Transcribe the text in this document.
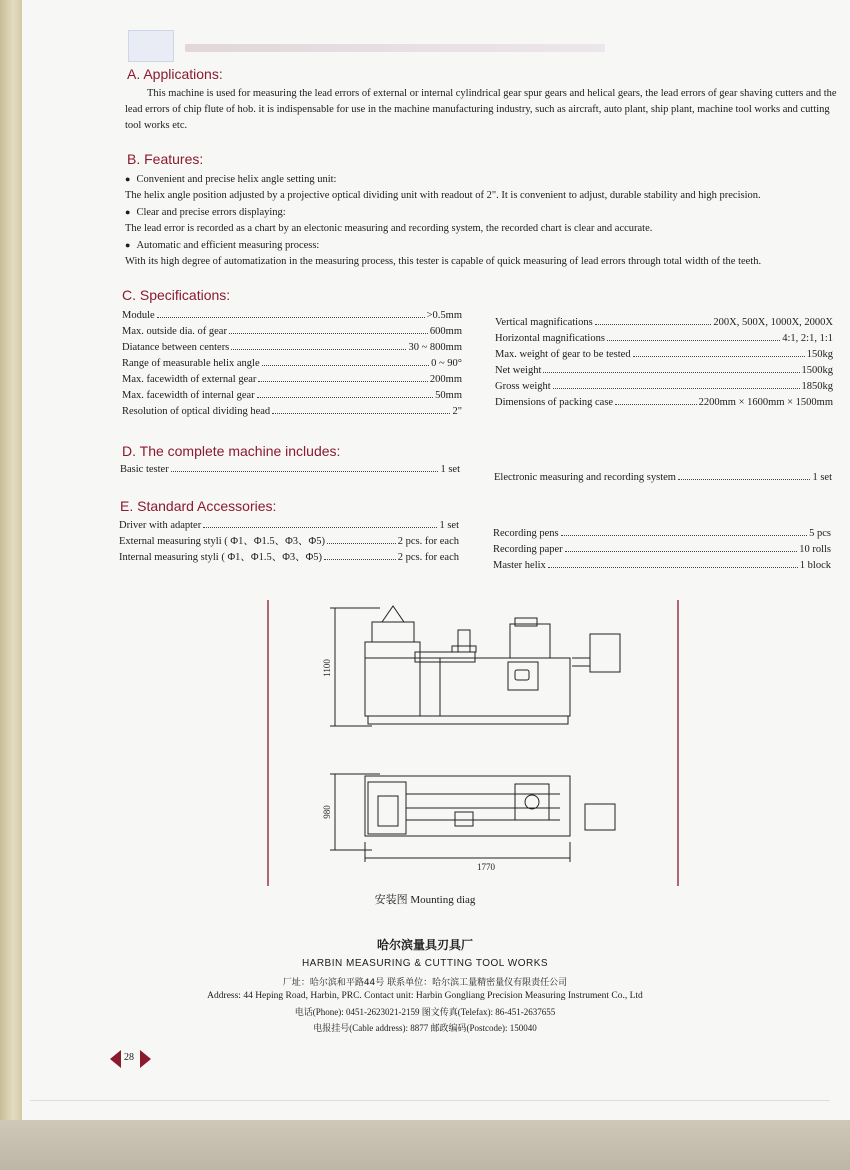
A. Applications:

This machine is used for measuring the lead errors of external or internal cylindrical gear spur gears and helical gears, the lead errors of gear shaving cutters and the lead errors of chip flute of hob. it is indispensable for use in the machine manufacturing industry, such as aircraft, auto plant, ship plant, machine tool works and cutting tool works etc.

B. Features:

● Convenient and precise helix angle setting unit:

The helix angle position adjusted by a projective optical dividing unit with readout of 2". It is convenient to adjust, durable stability and high precision.

● Clear and precise errors displaying:

The lead error is recorded as a chart by an electonic measuring and recording system, the recorded chart is clear and accurate.

● Automatic and efficient measuring process:

With its high degree of automatization in the measuring process, this tester is capable of quick measuring of lead errors through total width of the teeth.

C. Specifications:
Module	>0.5mm
Max. outside dia. of gear	600mm
Diatance between centers	30 ~ 800mm
Range of measurable helix angle	0 ~ 90°
Max. facewidth of external gear	200mm
Max. facewidth of internal gear	50mm
Resolution of optical dividing head	2"
Vertical magnifications	200X, 500X, 1000X, 2000X
Horizontal magnifications	4:1, 2:1, 1:1
Max. weight of gear to be tested	150kg
Net weight	1500kg
Gross weight	1850kg
Dimensions of packing case	2200mm × 1600mm × 1500mm
D. The complete machine includes:
Basic tester	1 set
Electronic measuring and recording system	1 set
E. Standard Accessories:
Driver with adapter	1 set
External measuring styli ( Φ1、Φ1.5、Φ3、Φ5)	2 pcs. for each
Internal measuring styli ( Φ1、Φ1.5、Φ3、Φ5)	2 pcs. for each
Recording pens	5 pcs
Recording paper	10 rolls
Master helix	1 block
1100
980
1770
安装图 Mounting diag
哈尔滨量具刃具厂
HARBIN MEASURING & CUTTING TOOL WORKS
厂址：哈尔滨和平路44号 联系单位：哈尔滨工量精密量仪有限责任公司
Address: 44 Heping Road, Harbin, PRC. Contact unit: Harbin Gongliang Precision Measuring Instrument Co., Ltd
电话(Phone): 0451-2623021-2159 图文传真(Telefax): 86-451-2637655
电报挂号(Cable address): 8877 邮政编码(Postcode): 150040
28
